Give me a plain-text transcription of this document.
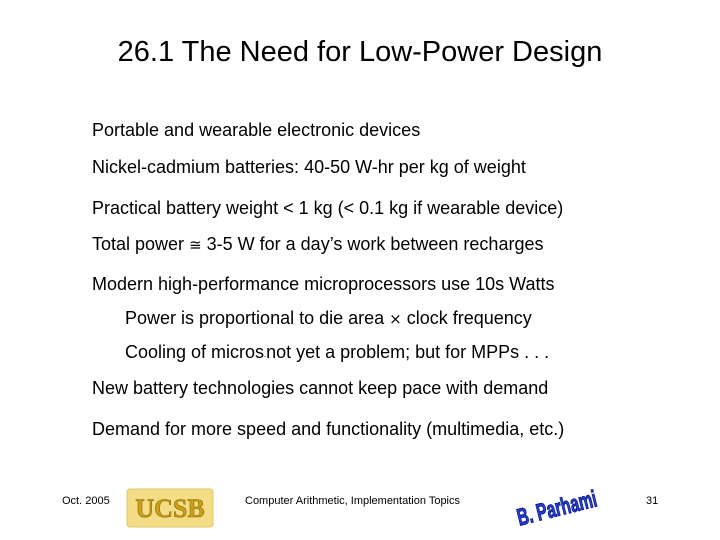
26.1 The Need for Low-Power Design
Portable and wearable electronic devices
Nickel-cadmium batteries: 40-50 W-hr per kg of weight
Practical battery weight < 1 kg (< 0.1 kg if wearable device)
Total power ≅ 3-5 W for a day’s work between recharges
Modern high-performance microprocessors use 10s Watts
Power is proportional to die area × clock frequency
Cooling of micros-not yet a problem; but for MPPs . . .
New battery technologies cannot keep pace with demand
Demand for more speed and functionality (multimedia, etc.)
Oct. 2005 UCSB	Computer Arithmetic, Implementation Topics	B. Parhami	31
